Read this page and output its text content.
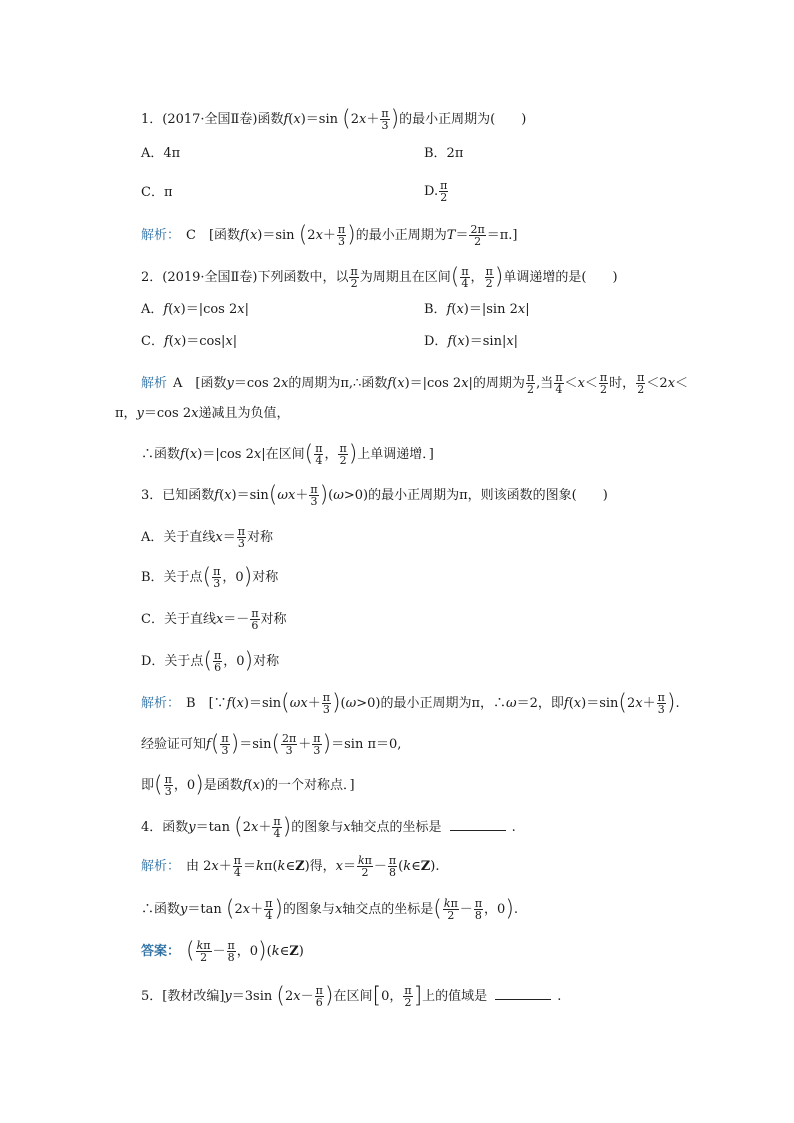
1．(2017·全国Ⅱ卷)函数f(x)＝sin ($2x+ \frac{\pi}{3}$ )的最小正周期为(　　)
A．4π	B．2π
C．π	D. $\frac{\pi}{2}$
解析： C　[函数f(x)＝sin ($2x+ \frac{\pi}{3}$ )的最小正周期为$T= \frac{2\pi}{2} =\pi$.]
2．(2019·全国Ⅱ卷)下列函数中，以 $\frac{\pi}{2}$ 为周期且在区间( $\frac{\pi}{4}$ ， $\frac{\pi}{2}$ )单调递增的是(　　)
A．f(x)＝|cos 2x|	B．f(x)＝|sin 2x|
C．f(x)＝cos|x|	D．f(x)＝sin|x|
解析 A　[函数y＝cos 2x的周期为π,∴函数f(x)＝|cos 2x|的周期为 $\frac{\pi}{2}$ ,当 $\frac{\pi}{4} <x< \frac{\pi}{2}$ 时， $\frac{\pi}{2} <2x<$
π，y＝cos 2x递减且为负值，
∴函数f(x)＝|cos 2x|在区间( $\frac{\pi}{4}$ ， $\frac{\pi}{2}$ )上单调递增．]
3．已知函数$f(x)=\sin(\omega x+ \frac{\pi}{3} )(\omega>0)$的最小正周期为π，则该函数的图象(　　)
A．关于直线$x= \frac{\pi}{3}$ 对称
B．关于点( $\frac{\pi}{3}$ ，0)对称
C．关于直线$x=- \frac{\pi}{6}$ 对称
D．关于点( $\frac{\pi}{6}$ ，0)对称
解析： B　[∵f(x)＝sin(ωx＋ $\frac{\pi}{3} )(\omega>0)$的最小正周期为π，∴ω＝2，即$f(x)=\sin(2x+ \frac{\pi}{3}$ ).
经验证可知$f( \frac{\pi}{3} )=\sin( \frac{2\pi}{3} + \frac{\pi}{3} )=\sin$ π＝0,
即( $\frac{\pi}{3}$ ，0)是函数f(x)的一个对称点．]
4．函数y＝tan ($2x+ \frac{\pi}{4}$ )的图象与x轴交点的坐标是	.
解析： 由 $2x+ \frac{\pi}{4}$ ＝kπ(k∈Z)得，$x= \frac{k\pi}{2} - \frac{\pi}{8}$ (k∈Z).
∴函数y＝tan ($2x+ \frac{\pi}{4}$ )的图象与x轴交点的坐标是( $\frac{k\pi}{2} - \frac{\pi}{8}$ ，0).
答案： ( $\frac{k\pi}{2} - \frac{\pi}{8}$ ，0)(k∈Z)
5．[教材改编]y＝3sin ($2x- \frac{\pi}{6}$ )在区间[0， $\frac{\pi}{2}$ ]上的值域是	.
